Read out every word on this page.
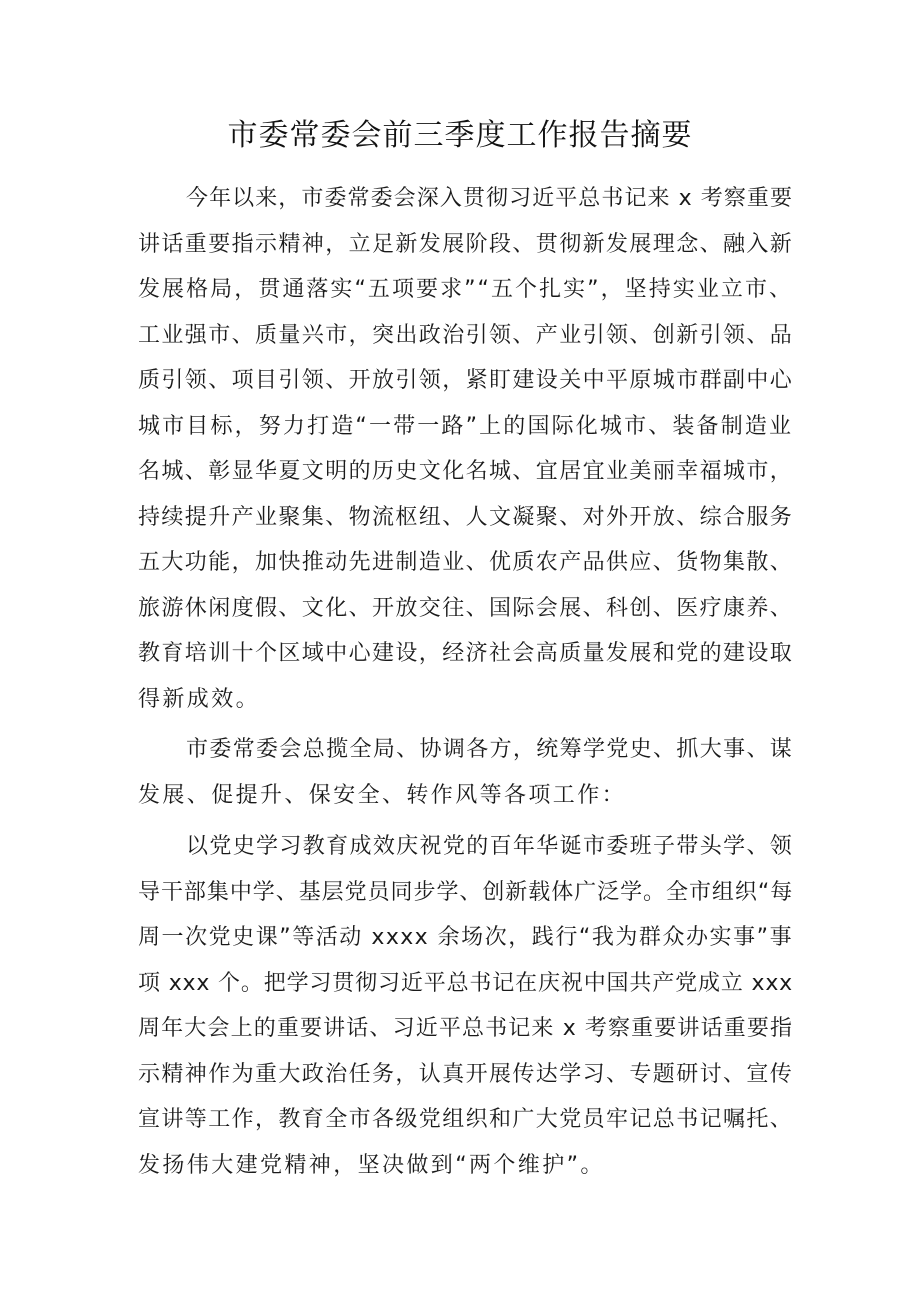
市委常委会前三季度工作报告摘要
今年以来，市委常委会深入贯彻习近平总书记来 x 考察重要
讲话重要指示精神，立足新发展阶段、贯彻新发展理念、融入新
发展格局，贯通落实“五项要求”“五个扎实”，坚持实业立市、
工业强市、质量兴市，突出政治引领、产业引领、创新引领、品
质引领、项目引领、开放引领，紧盯建设关中平原城市群副中心
城市目标，努力打造“一带一路”上的国际化城市、装备制造业
名城、彰显华夏文明的历史文化名城、宜居宜业美丽幸福城市，
持续提升产业聚集、物流枢纽、人文凝聚、对外开放、综合服务
五大功能，加快推动先进制造业、优质农产品供应、货物集散、
旅游休闲度假、文化、开放交往、国际会展、科创、医疗康养、
教育培训十个区域中心建设，经济社会高质量发展和党的建设取
得新成效。
市委常委会总揽全局、协调各方，统筹学党史、抓大事、谋
发展、促提升、保安全、转作风等各项工作：
以党史学习教育成效庆祝党的百年华诞市委班子带头学、领
导干部集中学、基层党员同步学、创新载体广泛学。全市组织“每
周一次党史课”等活动 xxxx 余场次，践行“我为群众办实事”事
项 xxx 个。把学习贯彻习近平总书记在庆祝中国共产党成立 xxx
周年大会上的重要讲话、习近平总书记来 x 考察重要讲话重要指
示精神作为重大政治任务，认真开展传达学习、专题研讨、宣传
宣讲等工作，教育全市各级党组织和广大党员牢记总书记嘱托、
发扬伟大建党精神，坚决做到“两个维护”。
